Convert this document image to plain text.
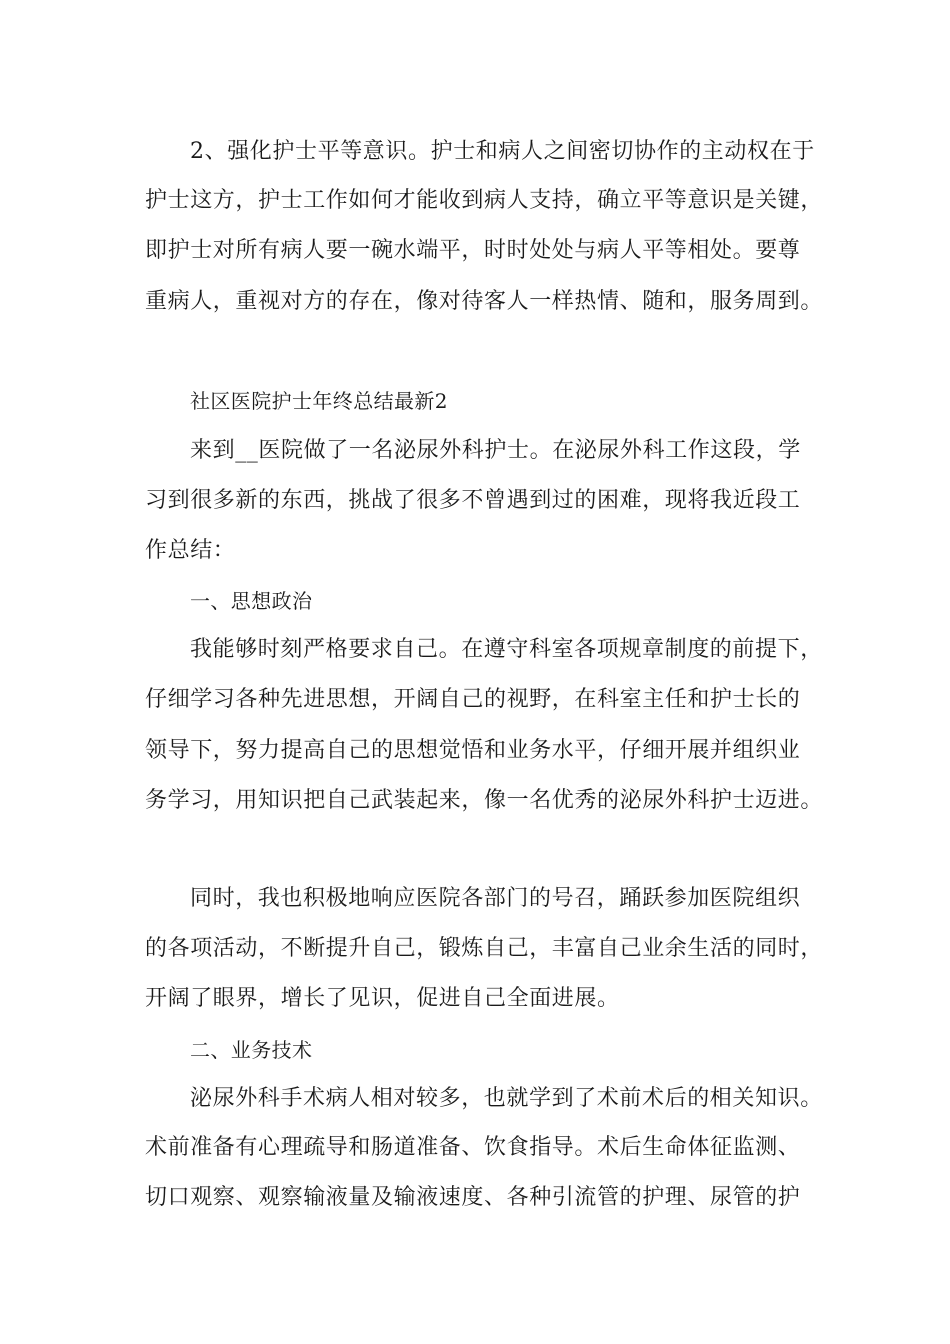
2、强化护士平等意识。护士和病人之间密切协作的主动权在于
护士这方，护士工作如何才能收到病人支持，确立平等意识是关键，
即护士对所有病人要一碗水端平，时时处处与病人平等相处。要尊
重病人，重视对方的存在，像对待客人一样热情、随和，服务周到。
社区医院护士年终总结最新2
来到__医院做了一名泌尿外科护士。在泌尿外科工作这段，学
习到很多新的东西，挑战了很多不曾遇到过的困难，现将我近段工
作总结：
一、思想政治
我能够时刻严格要求自己。在遵守科室各项规章制度的前提下，
仔细学习各种先进思想，开阔自己的视野，在科室主任和护士长的
领导下，努力提高自己的思想觉悟和业务水平，仔细开展并组织业
务学习，用知识把自己武装起来，像一名优秀的泌尿外科护士迈进。
同时，我也积极地响应医院各部门的号召，踊跃参加医院组织
的各项活动，不断提升自己，锻炼自己，丰富自己业余生活的同时，
开阔了眼界，增长了见识，促进自己全面进展。
二、业务技术
泌尿外科手术病人相对较多，也就学到了术前术后的相关知识。
术前准备有心理疏导和肠道准备、饮食指导。术后生命体征监测、
切口观察、观察输液量及输液速度、各种引流管的护理、尿管的护
